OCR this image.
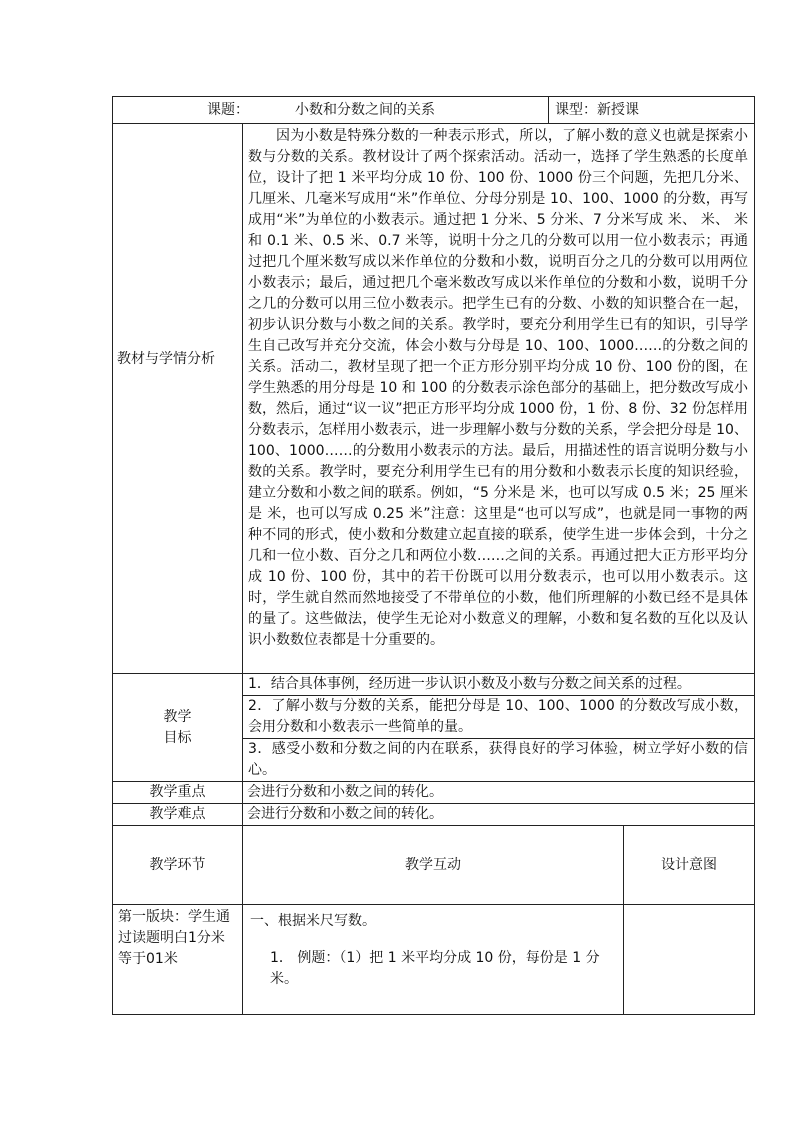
课题： 小数和分数之间的关系		课型：新授课	
教材与学情分析	因为小数是特殊分数的一种表示形式，所以，了解小数的意义也就是探索小数与分数的关系。教材设计了两个探索活动。活动一，选择了学生熟悉的长度单位，设计了把 1 米平均分成 10 份、100 份、1000 份三个问题，先把几分米、几厘米、几毫米写成用“米”作单位、分母分别是 10、100、1000 的分数，再写成用“米”为单位的小数表示。通过把 1 分米、5 分米、7 分米写成 米、 米、 米和 0.1 米、0.5 米、0.7 米等，说明十分之几的分数可以用一位小数表示；再通过把几个厘米数写成以米作单位的分数和小数，说明百分之几的分数可以用两位小数表示；最后，通过把几个毫米数改写成以米作单位的分数和小数，说明千分之几的分数可以用三位小数表示。把学生已有的分数、小数的知识整合在一起，初步认识分数与小数之间的关系。教学时，要充分利用学生已有的知识，引导学生自己改写并充分交流，体会小数与分母是 10、100、1000……的分数之间的关系。活动二，教材呈现了把一个正方形分别平均分成 10 份、100 份的图，在学生熟悉的用分母是 10 和 100 的分数表示涂色部分的基础上，把分数改写成小数，然后，通过“议一议”把正方形平均分成 1000 份，1 份、8 份、32 份怎样用分数表示，怎样用小数表示，进一步理解小数与分数的关系，学会把分母是 10、100、1000……的分数用小数表示的方法。最后，用描述性的语言说明分数与小数的关系。教学时，要充分利用学生已有的用分数和小数表示长度的知识经验，建立分数和小数之间的联系。例如，“5 分米是 米，也可以写成 0.5 米；25 厘米是 米，也可以写成 0.25 米”注意：这里是“也可以写成”，也就是同一事物的两种不同的形式，使小数和分数建立起直接的联系，使学生进一步体会到，十分之几和一位小数、百分之几和两位小数……之间的关系。再通过把大正方形平均分成 10 份、100 份，其中的若干份既可以用分数表示，也可以用小数表示。这时，学生就自然而然地接受了不带单位的小数，他们所理解的小数已经不是具体的量了。这些做法，使学生无论对小数意义的理解，小数和复名数的互化以及认识小数数位表都是十分重要的。		

教学
目标	1．结合具体事例，经历进一步认识小数及小数与分数之间关系的过程。		
	2．了解小数与分数的关系，能把分母是 10、100、1000 的分数改写成小数，会用分数和小数表示一些简单的量。		
	3．感受小数和分数之间的内在联系，获得良好的学习体验，树立学好小数的信心。		
教学重点	会进行分数和小数之间的转化。		
教学难点	会进行分数和小数之间的转化。		
教学环节	教学互动		设计意图
第一版块：学生通过读题明白1分米等于01米	一、根据米尺写数。
1． 例题：（1）把 1 米平均分成 10 份，每份是 1 分米。		
